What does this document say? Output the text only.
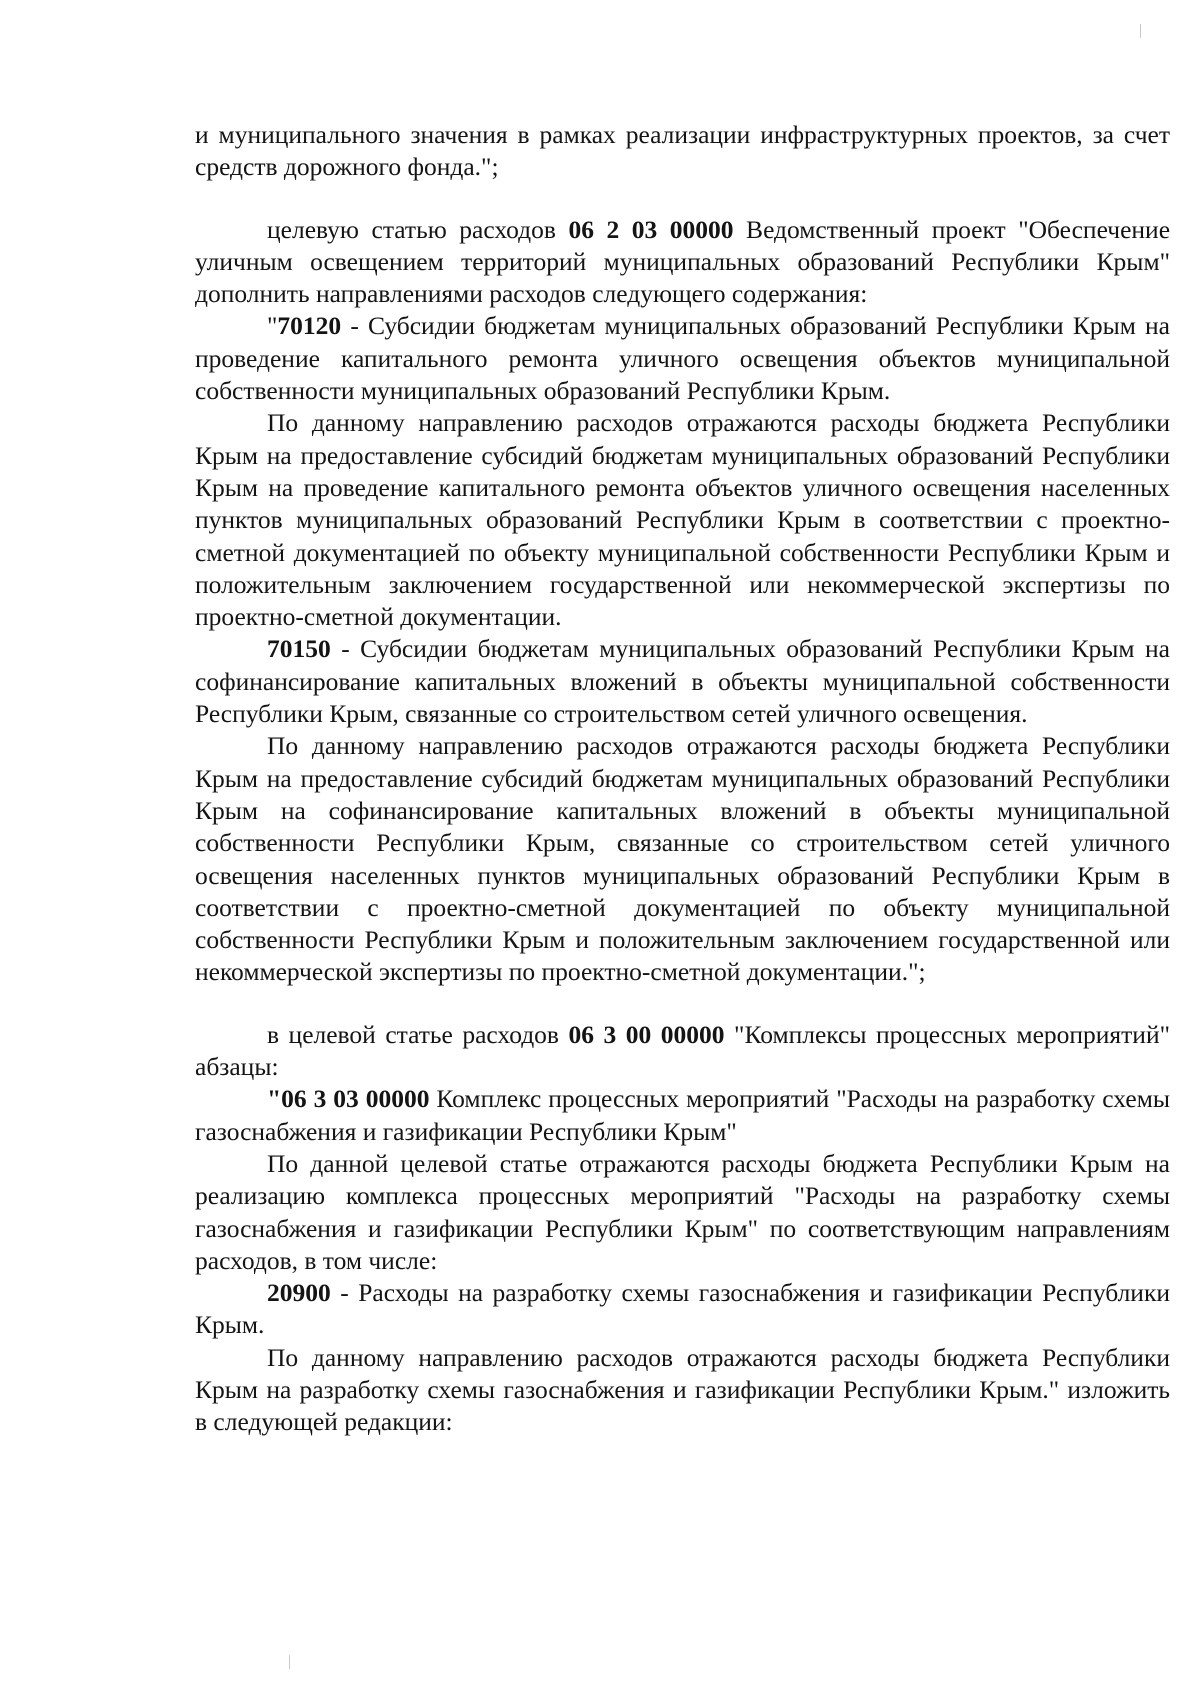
и муниципального значения в рамках реализации инфраструктурных проектов, за счет средств дорожного фонда.";

целевую статью расходов 06 2 03 00000 Ведомственный проект "Обеспечение уличным освещением территорий муниципальных образований Республики Крым" дополнить направлениями расходов следующего содержания:

"70120 - Субсидии бюджетам муниципальных образований Республики Крым на проведение капитального ремонта уличного освещения объектов муниципальной собственности муниципальных образований Республики Крым.

По данному направлению расходов отражаются расходы бюджета Республики Крым на предоставление субсидий бюджетам муниципальных образований Республики Крым на проведение капитального ремонта объектов уличного освещения населенных пунктов муниципальных образований Республики Крым в соответствии с проектно-сметной документацией по объекту муниципальной собственности Республики Крым и положительным заключением государственной или некоммерческой экспертизы по проектно-сметной документации.

70150 - Субсидии бюджетам муниципальных образований Республики Крым на софинансирование капитальных вложений в объекты муниципальной собственности Республики Крым, связанные со строительством сетей уличного освещения.

По данному направлению расходов отражаются расходы бюджета Республики Крым на предоставление субсидий бюджетам муниципальных образований Республики Крым на софинансирование капитальных вложений в объекты муниципальной собственности Республики Крым, связанные со строительством сетей уличного освещения населенных пунктов муниципальных образований Республики Крым в соответствии с проектно-сметной документацией по объекту муниципальной собственности Республики Крым и положительным заключением государственной или некоммерческой экспертизы по проектно-сметной документации.";

в целевой статье расходов 06 3 00 00000 "Комплексы процессных мероприятий" абзацы:

"06 3 03 00000 Комплекс процессных мероприятий "Расходы на разработку схемы газоснабжения и газификации Республики Крым"

По данной целевой статье отражаются расходы бюджета Республики Крым на реализацию комплекса процессных мероприятий "Расходы на разработку схемы газоснабжения и газификации Республики Крым" по соответствующим направлениям расходов, в том числе:

20900 - Расходы на разработку схемы газоснабжения и газификации Республики Крым.

По данному направлению расходов отражаются расходы бюджета Республики Крым на разработку схемы газоснабжения и газификации Республики Крым." изложить в следующей редакции:
